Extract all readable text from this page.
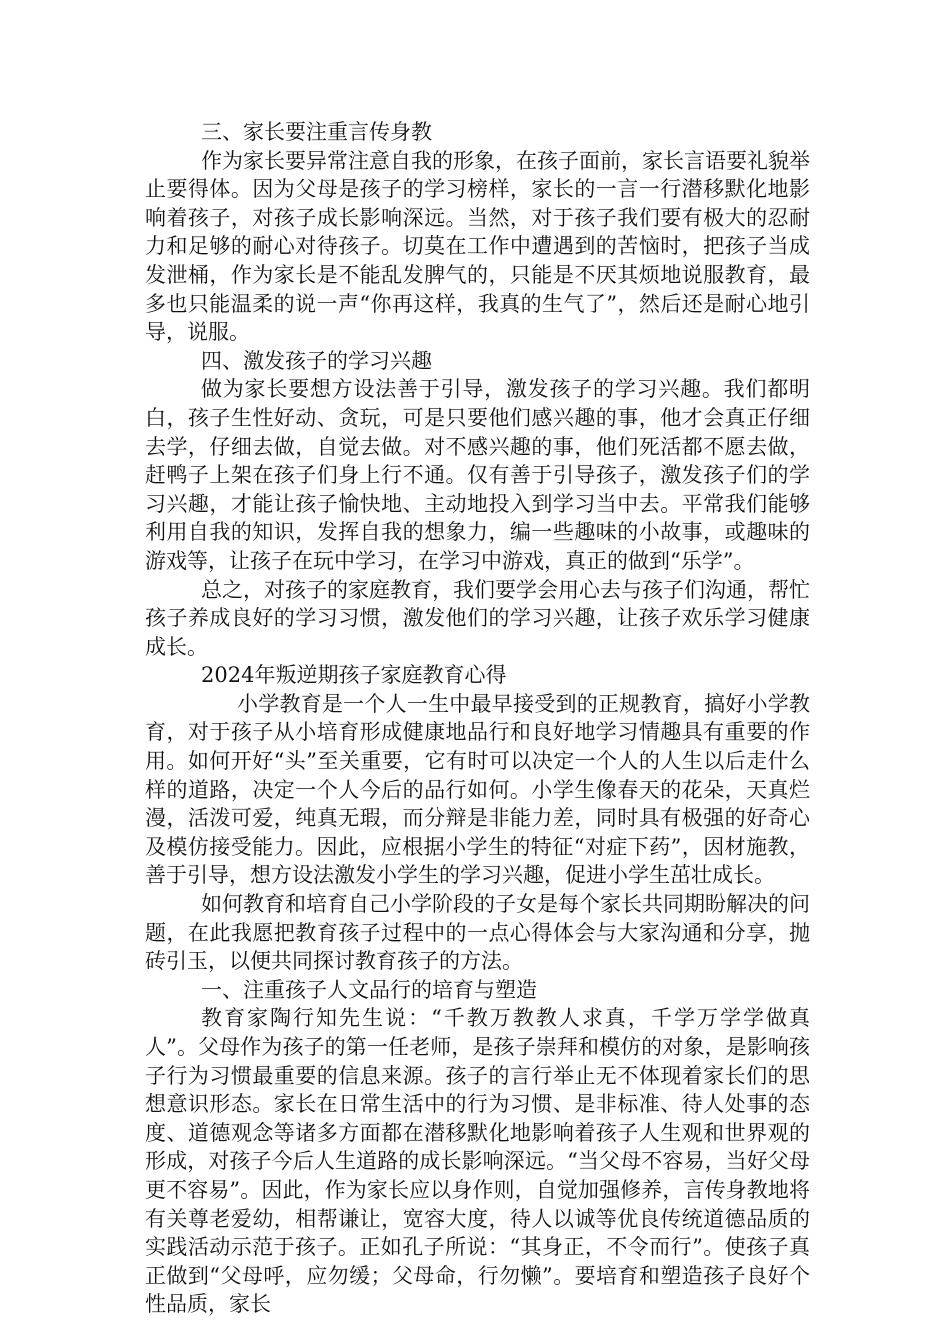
三、家长要注重言传身教

作为家长要异常注意自我的形象，在孩子面前，家长言语要礼貌举止要得体。因为父母是孩子的学习榜样，家长的一言一行潜移默化地影响着孩子，对孩子成长影响深远。当然，对于孩子我们要有极大的忍耐力和足够的耐心对待孩子。切莫在工作中遭遇到的苦恼时，把孩子当成发泄桶，作为家长是不能乱发脾气的，只能是不厌其烦地说服教育，最多也只能温柔的说一声“你再这样，我真的生气了”，然后还是耐心地引导，说服。

四、激发孩子的学习兴趣

做为家长要想方设法善于引导，激发孩子的学习兴趣。我们都明白，孩子生性好动、贪玩，可是只要他们感兴趣的事，他才会真正仔细去学，仔细去做，自觉去做。对不感兴趣的事，他们死活都不愿去做，赶鸭子上架在孩子们身上行不通。仅有善于引导孩子，激发孩子们的学习兴趣，才能让孩子愉快地、主动地投入到学习当中去。平常我们能够利用自我的知识，发挥自我的想象力，编一些趣味的小故事，或趣味的游戏等，让孩子在玩中学习，在学习中游戏，真正的做到“乐学”。

总之，对孩子的家庭教育，我们要学会用心去与孩子们沟通，帮忙孩子养成良好的学习习惯，激发他们的学习兴趣，让孩子欢乐学习健康成长。

2024年叛逆期孩子家庭教育心得

小学教育是一个人一生中最早接受到的正规教育，搞好小学教育，对于孩子从小培育形成健康地品行和良好地学习情趣具有重要的作用。如何开好“头”至关重要，它有时可以决定一个人的人生以后走什么样的道路，决定一个人今后的品行如何。小学生像春天的花朵，天真烂漫，活泼可爱，纯真无瑕，而分辩是非能力差，同时具有极强的好奇心及模仿接受能力。因此，应根据小学生的特征“对症下药”，因材施教，善于引导，想方设法激发小学生的学习兴趣，促进小学生茁壮成长。

如何教育和培育自己小学阶段的子女是每个家长共同期盼解决的问题，在此我愿把教育孩子过程中的一点心得体会与大家沟通和分享，抛砖引玉，以便共同探讨教育孩子的方法。

一、注重孩子人文品行的培育与塑造

教育家陶行知先生说：“千教万教教人求真，千学万学学做真人”。父母作为孩子的第一任老师，是孩子崇拜和模仿的对象，是影响孩子行为习惯最重要的信息来源。孩子的言行举止无不体现着家长们的思想意识形态。家长在日常生活中的行为习惯、是非标准、待人处事的态度、道德观念等诸多方面都在潜移默化地影响着孩子人生观和世界观的形成，对孩子今后人生道路的成长影响深远。“当父母不容易，当好父母更不容易”。因此，作为家长应以身作则，自觉加强修养，言传身教地将有关尊老爱幼，相帮谦让，宽容大度，待人以诚等优良传统道德品质的实践活动示范于孩子。正如孔子所说：“其身正，不令而行”。使孩子真正做到“父母呼，应勿缓；父母命，行勿懒”。要培育和塑造孩子良好个性品质，家长
